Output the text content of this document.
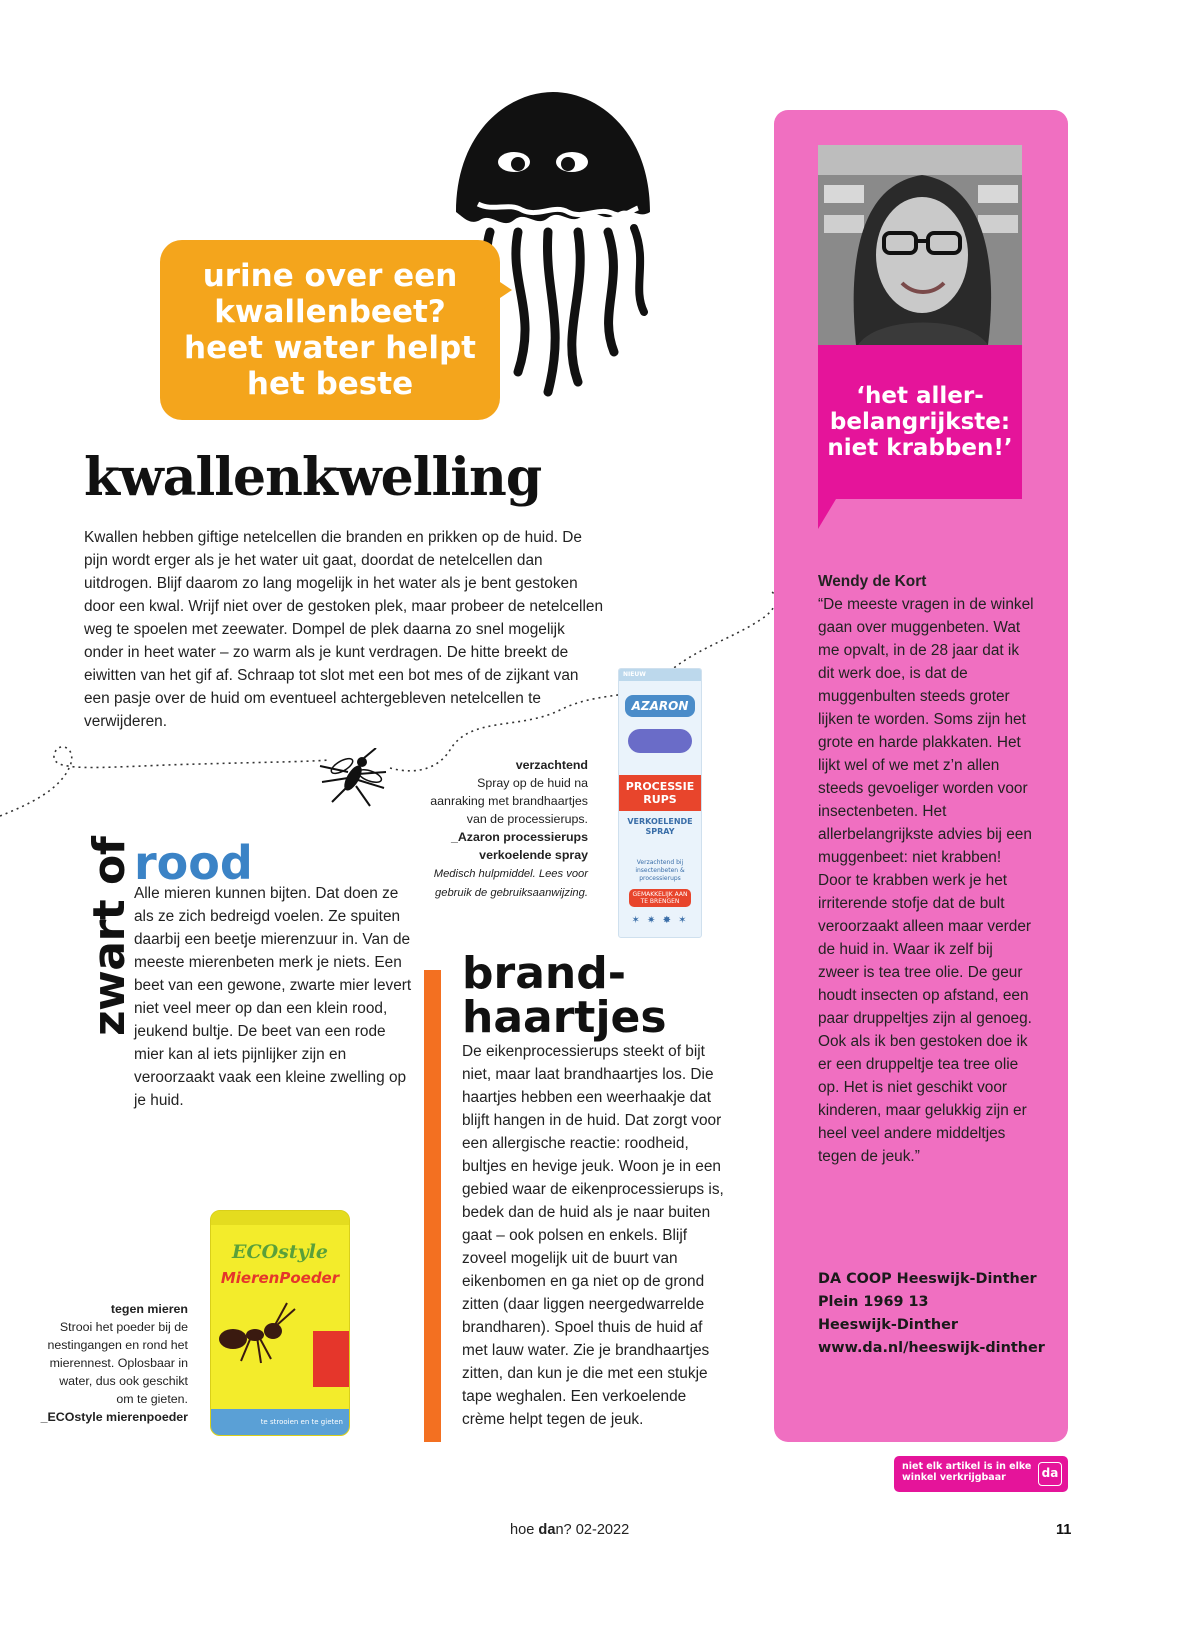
urine over een
kwallenbeet?
heet water helpt
het beste
kwallenkwelling

Kwallen hebben giftige netelcellen die branden en prikken op de huid. De pijn wordt erger als je het water uit gaat, doordat de netelcellen dan uitdrogen. Blijf daarom zo lang mogelijk in het water als je bent gestoken door een kwal. Wrijf niet over de gestoken plek, maar probeer de netelcellen weg te spoelen met zeewater. Dompel de plek daarna zo snel mogelijk onder in heet water – zo warm als je kunt verdragen. De hitte breekt de eiwitten van het gif af. Schraap tot slot met een bot mes of de zijkant van een pasje over de huid om eventueel achtergebleven netelcellen te verwijderen.

NIEUW
AZARON
PROCESSIE RUPS
VERKOELENDE SPRAY
Verzachtend bij insectenbeten & processierups
GEMAKKELIJK AAN TE BRENGEN
✶ ✷ ✸ ✶
verzachtend
Spray op de huid na aanraking met brandhaartjes van de processierups.
_Azaron processierups verkoelende spray
Medisch hulpmiddel. Lees voor gebruik de gebruiksaanwijzing.
zwart of rood

Alle mieren kunnen bijten. Dat doen ze als ze zich bedreigd voelen. Ze spuiten daarbij een beetje mierenzuur in. Van de meeste mierenbeten merk je niets. Een beet van een gewone, zwarte mier levert niet veel meer op dan een klein rood, jeukend bultje. De beet van een rode mier kan al iets pijnlijker zijn en veroorzaakt vaak een kleine zwelling op je huid.

brand-
haartjes

De eikenprocessierups steekt of bijt niet, maar laat brandhaartjes los. Die haartjes hebben een weerhaakje dat blijft hangen in de huid. Dat zorgt voor een allergische reactie: roodheid, bultjes en hevige jeuk. Woon je in een gebied waar de eikenprocessierups is, bedek dan de huid als je naar buiten gaat – ook polsen en enkels. Blijf zoveel mogelijk uit de buurt van eikenbomen en ga niet op de grond zitten (daar liggen neergedwarrelde brandharen). Spoel thuis de huid af met lauw water. Zie je brandhaartjes zitten, dan kun je die met een stukje tape weghalen. Een verkoelende crème helpt tegen de jeuk.

ECOstyle
MierenPoeder
te strooien en te gieten
tegen mieren
Strooi het poeder bij de nestingangen en rond het mierennest. Oplosbaar in water, dus ook geschikt om te gieten.
_ECOstyle mierenpoeder
‘het aller-
belangrijkste:
niet krabben!’
Wendy de Kort
“De meeste vragen in de winkel gaan over muggenbeten. Wat me opvalt, in de 28 jaar dat ik dit werk doe, is dat de muggenbulten steeds groter lijken te worden. Soms zijn het grote en harde plakkaten. Het lijkt wel of we met z’n allen steeds gevoeliger worden voor insectenbeten. Het allerbelangrijkste advies bij een muggenbeet: niet krabben! Door te krabben werk je het irriterende stofje dat de bult veroorzaakt alleen maar verder de huid in. Waar ik zelf bij zweer is tea tree olie. De geur houdt insecten op afstand, een paar druppeltjes zijn al genoeg. Ook als ik ben gestoken doe ik er een druppeltje tea tree olie op. Het is niet geschikt voor kinderen, maar gelukkig zijn er heel veel andere middeltjes tegen de jeuk.”
DA COOP Heeswijk-Dinther
Plein 1969 13
Heeswijk-Dinther
www.da.nl/heeswijk-dinther
niet elk artikel is in elke
winkel verkrijgbaar	da
hoe dan? 02-2022	11
